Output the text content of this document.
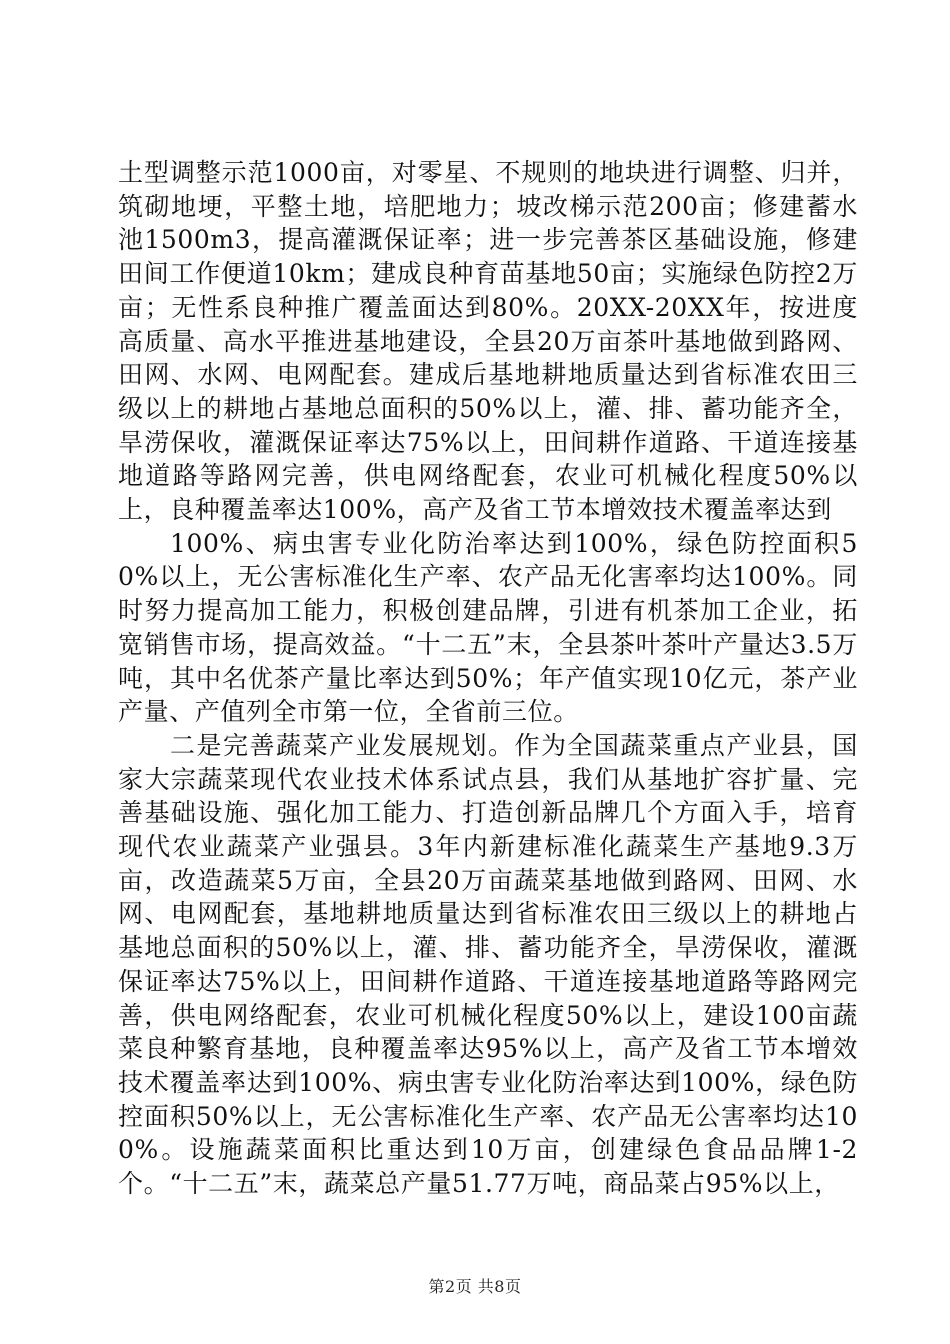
土型调整示范1000亩，对零星、不规则的地块进行调整、归并，筑砌地埂，平整土地，培肥地力；坡改梯示范200亩；修建蓄水池1500m3，提高灌溉保证率；进一步完善茶区基础设施，修建田间工作便道10km；建成良种育苗基地50亩；实施绿色防控2万亩；无性系良种推广覆盖面达到80%。20XX-20XX年，按进度高质量、高水平推进基地建设，全县20万亩茶叶基地做到路网、田网、水网、电网配套。建成后基地耕地质量达到省标准农田三级以上的耕地占基地总面积的50%以上，灌、排、蓄功能齐全，旱涝保收，灌溉保证率达75%以上，田间耕作道路、干道连接基地道路等路网完善，供电网络配套，农业可机械化程度50%以上，良种覆盖率达100%，高产及省工节本增效技术覆盖率达到

100%、病虫害专业化防治率达到100%，绿色防控面积50%以上，无公害标准化生产率、农产品无化害率均达100%。同时努力提高加工能力，积极创建品牌，引进有机茶加工企业，拓宽销售市场，提高效益。“十二五”末，全县茶叶茶叶产量达3.5万吨，其中名优茶产量比率达到50%；年产值实现10亿元，茶产业产量、产值列全市第一位，全省前三位。

二是完善蔬菜产业发展规划。作为全国蔬菜重点产业县，国家大宗蔬菜现代农业技术体系试点县，我们从基地扩容扩量、完善基础设施、强化加工能力、打造创新品牌几个方面入手，培育现代农业蔬菜产业强县。3年内新建标准化蔬菜生产基地9.3万亩，改造蔬菜5万亩，全县20万亩蔬菜基地做到路网、田网、水网、电网配套，基地耕地质量达到省标准农田三级以上的耕地占基地总面积的50%以上，灌、排、蓄功能齐全，旱涝保收，灌溉保证率达75%以上，田间耕作道路、干道连接基地道路等路网完善，供电网络配套，农业可机械化程度50%以上，建设100亩蔬菜良种繁育基地，良种覆盖率达95%以上，高产及省工节本增效技术覆盖率达到100%、病虫害专业化防治率达到100%，绿色防控面积50%以上，无公害标准化生产率、农产品无公害率均达100%。设施蔬菜面积比重达到10万亩，创建绿色食品品牌1-2个。“十二五”末，蔬菜总产量51.77万吨，商品菜占95%以上，

第2页 共8页
